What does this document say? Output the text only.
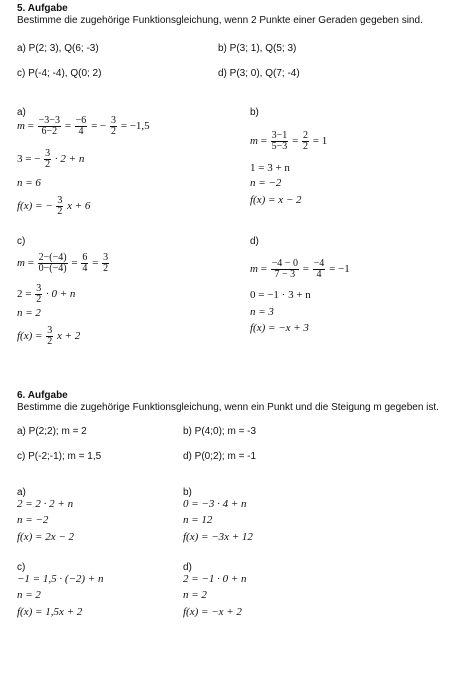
5. Aufgabe
Bestimme die zugehörige Funktionsgleichung, wenn 2 Punkte einer Geraden gegeben sind.
a) P(2; 3), Q(6; -3)	b) P(3; 1), Q(5; 3)
c) P(-4; -4), Q(0; 2)	d) P(3; 0), Q(7; -4)
a)
$m = \frac{-3-3}{6-2} = \frac{-6}{4}$ = − $\frac{3}{2} = -1,5$
3 = − $\frac{3}{2} \cdot 2 + n$
n = 6
f(x) = − $\frac{3}{2}$ x + 6
b)
$m = \frac{3-1}{5-3} = \frac{2}{2} = 1$
1 = 3 + n
n = −2
f(x) = x − 2
c)
$m = \frac{2-(-4)}{0-(-4)} = \frac{6}{4} = \frac{3}{2}$
$2 = \frac{3}{2} \cdot 0 + n$
n = 2
$f(x) = \frac{3}{2}$ x + 2
d)
$m = \frac{-4 - 0}{7 - 3} = \frac{-4}{4} = -1$
0 = −1 · 3 + n
n = 3
f(x) = −x + 3
6. Aufgabe
Bestimme die zugehörige Funktionsgleichung, wenn ein Punkt und die Steigung m gegeben ist.
a) P(2;2); m = 2	b) P(4;0); m = -3
c) P(-2;-1); m = 1,5	d) P(0;2); m = -1
a)
2 = 2 · 2 + n
n = −2
f(x) = 2x − 2
b)
0 = −3 · 4 + n
n = 12
f(x) = −3x + 12
c)
−1 = 1,5 · (−2) + n
n = 2
f(x) = 1,5x + 2
d)
2 = −1 · 0 + n
n = 2
f(x) = −x + 2
